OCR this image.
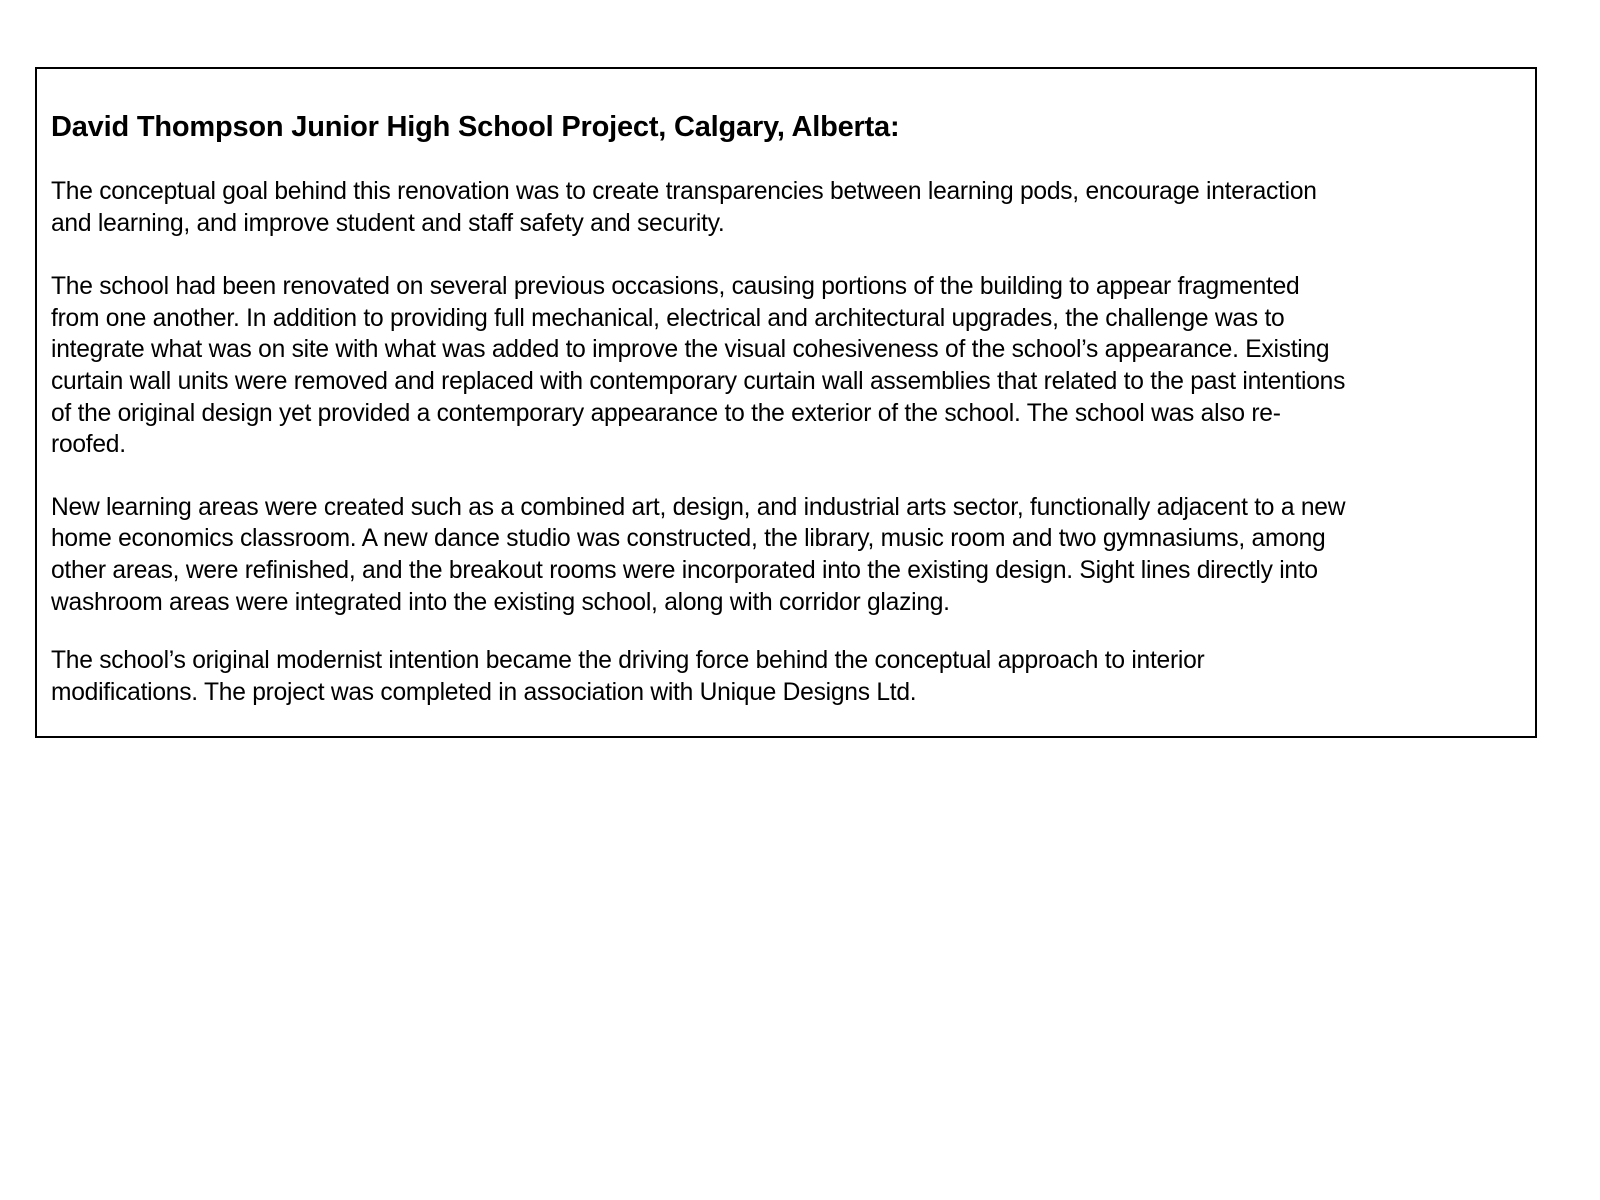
David Thompson Junior High School Project, Calgary, Alberta:

The conceptual goal behind this renovation was to create transparencies between learning pods, encourage interaction
and learning, and improve student and staff safety and security.

The school had been renovated on several previous occasions, causing portions of the building to appear fragmented
from one another. In addition to providing full mechanical, electrical and architectural upgrades, the challenge was to
integrate what was on site with what was added to improve the visual cohesiveness of the school’s appearance. Existing
curtain wall units were removed and replaced with contemporary curtain wall assemblies that related to the past intentions
of the original design yet provided a contemporary appearance to the exterior of the school. The school was also re-
roofed.

New learning areas were created such as a combined art, design, and industrial arts sector, functionally adjacent to a new
home economics classroom. A new dance studio was constructed, the library, music room and two gymnasiums, among
other areas, were refinished, and the breakout rooms were incorporated into the existing design. Sight lines directly into
washroom areas were integrated into the existing school, along with corridor glazing.

The school’s original modernist intention became the driving force behind the conceptual approach to interior
modifications. The project was completed in association with Unique Designs Ltd.
